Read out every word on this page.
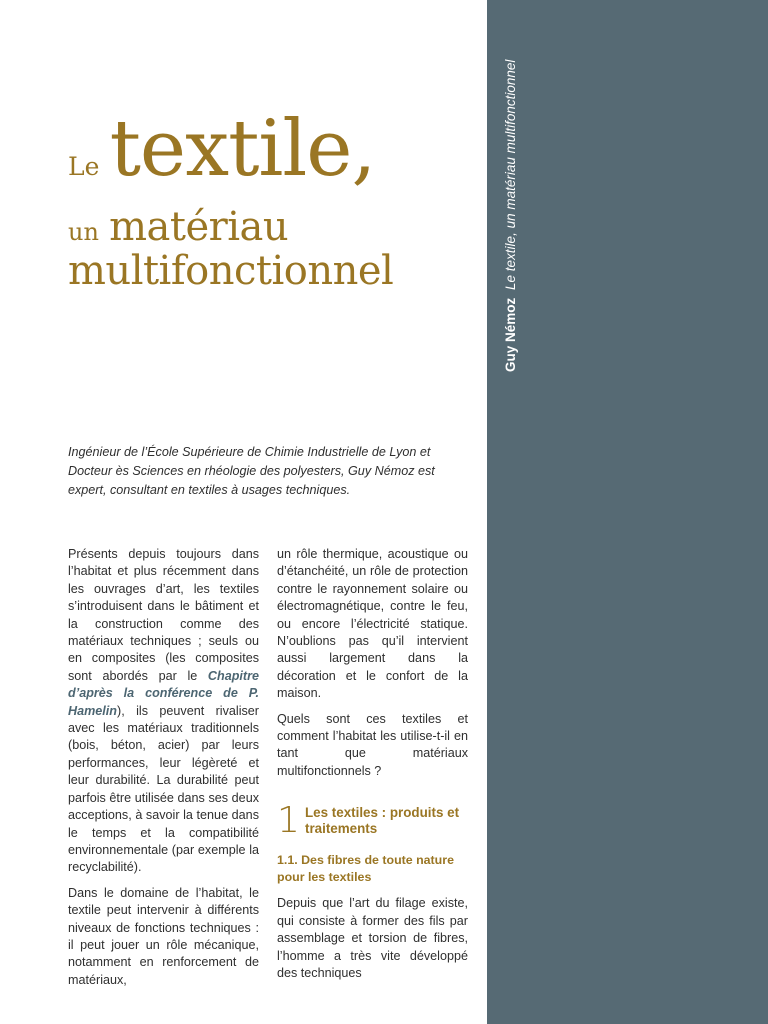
Guy Némoz Le textile, un matériau multifonctionnel
Le textile,
un matériau
multifonctionnel

Ingénieur de l’École Supérieure de Chimie Industrielle de Lyon et Docteur ès Sciences en rhéologie des polyesters, Guy Némoz est expert, consultant en textiles à usages techniques.

Présents depuis toujours dans l’habitat et plus récemment dans les ouvrages d’art, les textiles s’introduisent dans le bâtiment et la construction comme des matériaux techniques ; seuls ou en composites (les composites sont abordés par le Chapitre d’après la conférence de P. Hamelin), ils peuvent rivaliser avec les matériaux traditionnels (bois, béton, acier) par leurs performances, leur légèreté et leur durabilité. La durabilité peut parfois être utilisée dans ses deux acceptions, à savoir la tenue dans le temps et la compatibilité environnementale (par exemple la recyclabilité).

Dans le domaine de l’habitat, le textile peut intervenir à différents niveaux de fonctions techniques : il peut jouer un rôle mécanique, notamment en renforcement de matériaux,

un rôle thermique, acoustique ou d’étanchéité, un rôle de protection contre le rayonnement solaire ou électromagnétique, contre le feu, ou encore l’électricité statique. N’oublions pas qu’il intervient aussi largement dans la décoration et le confort de la maison.

Quels sont ces textiles et comment l’habitat les utilise-t-il en tant que matériaux multifonctionnels ?

1 Les textiles : produits et traitements
1.1. Des fibres de toute nature pour les textiles

Depuis que l’art du filage existe, qui consiste à former des fils par assemblage et torsion de fibres, l’homme a très vite développé des techniques
